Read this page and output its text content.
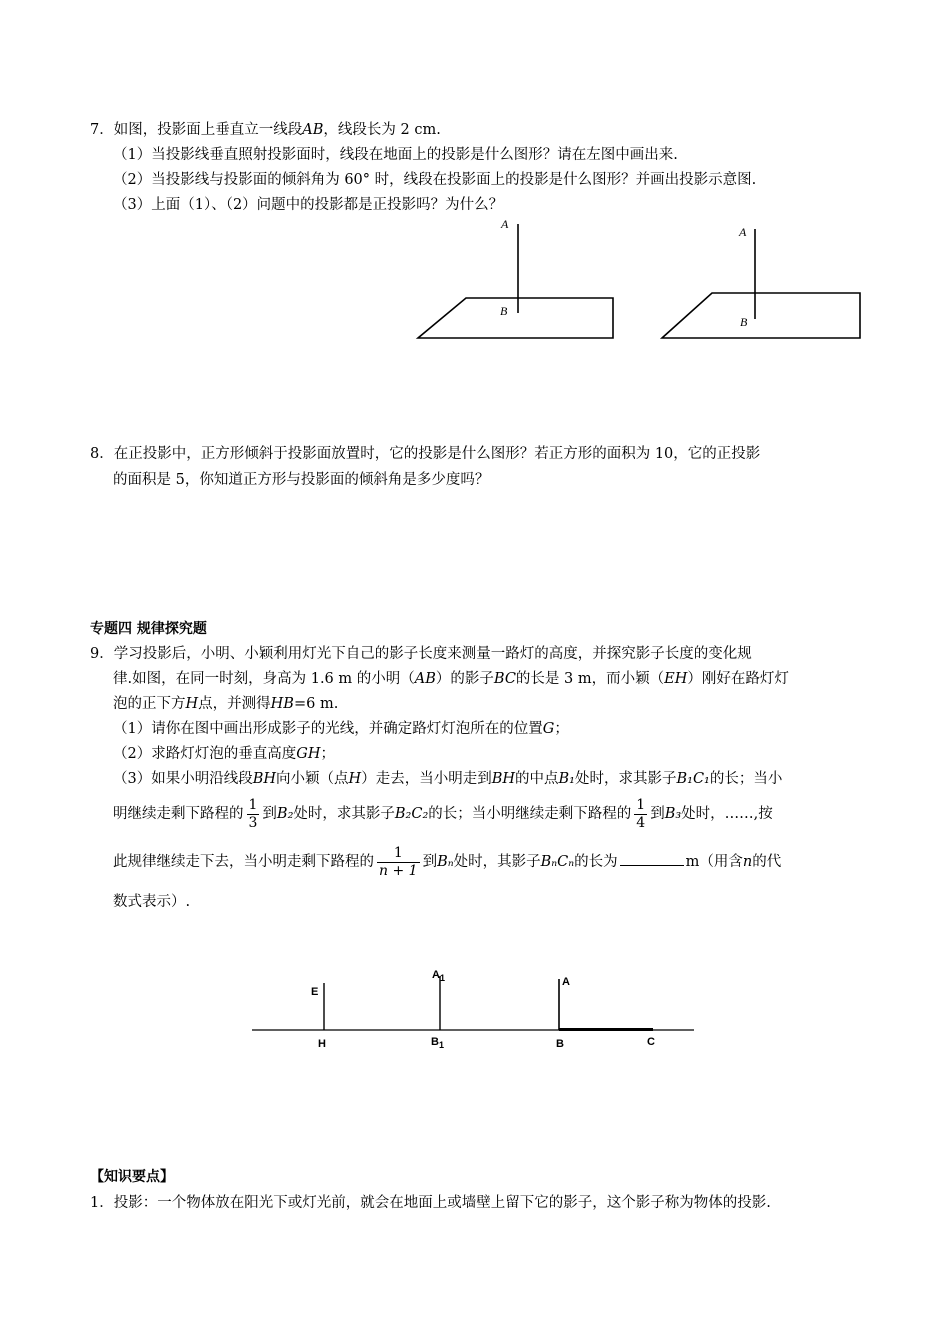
7．如图，投影面上垂直立一线段AB，线段长为 2 cm.
（1）当投影线垂直照射投影面时，线段在地面上的投影是什么图形？请在左图中画出来.
（2）当投影线与投影面的倾斜角为 60° 时，线段在投影面上的投影是什么图形？并画出投影示意图.
（3）上面（1）、（2）问题中的投影都是正投影吗？为什么？
A
B
A
B
8．在正投影中，正方形倾斜于投影面放置时，它的投影是什么图形？若正方形的面积为 10，它的正投影
的面积是 5，你知道正方形与投影面的倾斜角是多少度吗？
专题四 规律探究题
9．学习投影后，小明、小颖利用灯光下自己的影子长度来测量一路灯的高度，并探究影子长度的变化规
律.如图，在同一时刻，身高为 1.6 m 的小明（AB）的影子BC的长是 3 m，而小颖（EH）刚好在路灯灯
泡的正下方H点，并测得HB=6 m.
（1）请你在图中画出形成影子的光线，并确定路灯灯泡所在的位置G；
（2）求路灯灯泡的垂直高度GH；
（3）如果小明沿线段BH向小颖（点H）走去，当小明走到BH的中点B₁处时，求其影子B₁C₁的长；当小
明继续走剩下路程的 $\frac{1}{3}$ 到B₂处时，求其影子B₂C₂的长；当小明继续走剩下路程的 $\frac{1}{4}$ 到B₃处时，……,按
此规律继续走下去，当小明走剩下路程的 $\frac{1}{n + 1}$ 到Bₙ处时，其影子BₙCₙ的长为	m（用含n的代
数式表示）.
E
H
$A_1$
$B_1$
A
B	C
【知识要点】
1．投影：一个物体放在阳光下或灯光前，就会在地面上或墙壁上留下它的影子，这个影子称为物体的投影.
